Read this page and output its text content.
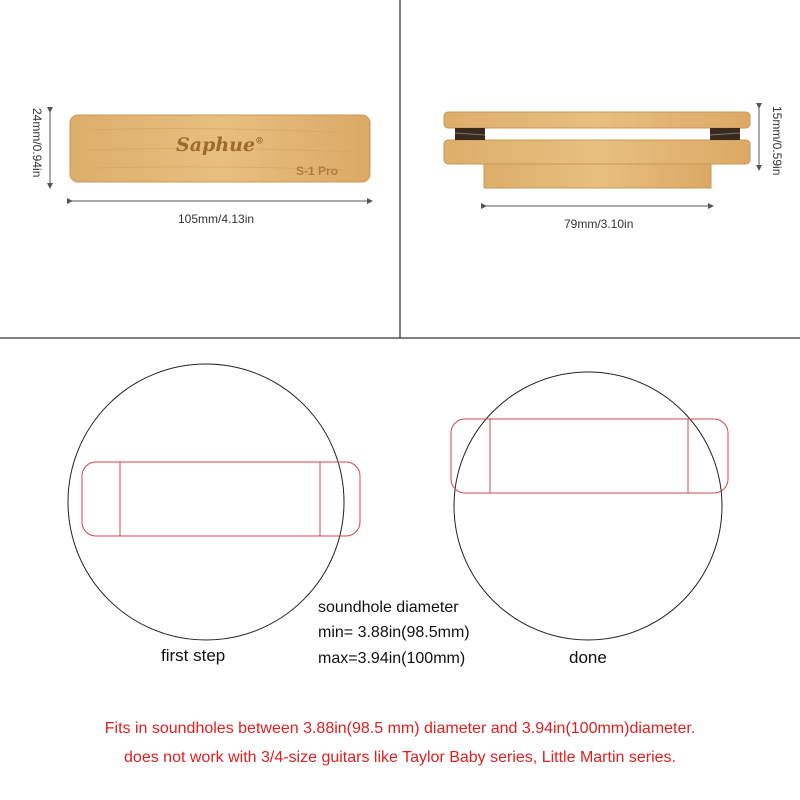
Saphue®
S-1 Pro
24mm/0.94in
105mm/4.13in
15mm/0.59in
79mm/3.10in
first step	done
soundhole diameter
min= 3.88in(98.5mm)
max=3.94in(100mm)
Fits in soundholes between 3.88in(98.5 mm) diameter and 3.94in(100mm)diameter.
does not work with 3/4-size guitars like Taylor Baby series, Little Martin series.
